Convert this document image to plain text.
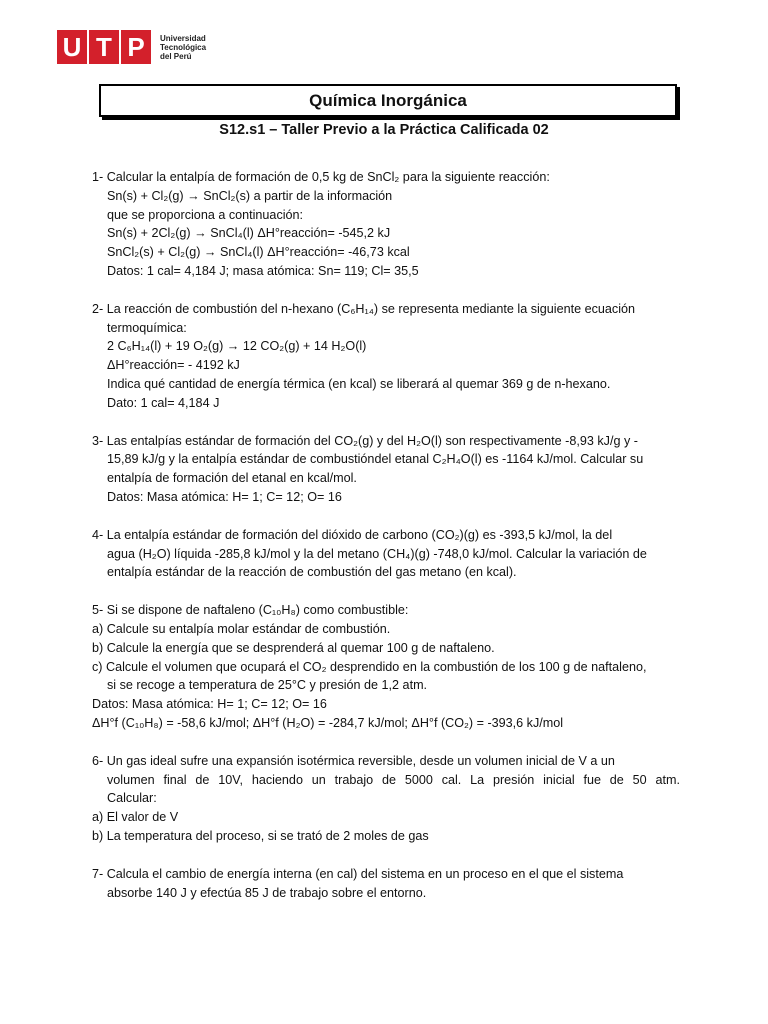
U T P	Universidad
Tecnológica
del Perú
Química Inorgánica
S12.s1 – Taller Previo a la Práctica Calificada 02
1- Calcular la entalpía de formación de 0,5 kg de SnCl₂ para la siguiente reacción:
Sn(s) + Cl₂(g) → SnCl₂(s) a partir de la información
que se proporciona a continuación:
Sn(s) + 2Cl₂(g) → SnCl₄(l) ΔH°reacción= -545,2 kJ
SnCl₂(s) + Cl₂(g) → SnCl₄(l) ΔH°reacción= -46,73 kcal
Datos: 1 cal= 4,184 J; masa atómica: Sn= 119; Cl= 35,5
2- La reacción de combustión del n-hexano (C₆H₁₄) se representa mediante la siguiente ecuación
termoquímica:
2 C₆H₁₄(l) + 19 O₂(g) → 12 CO₂(g) + 14 H₂O(l)
ΔH°reacción= - 4192 kJ
Indica qué cantidad de energía térmica (en kcal) se liberará al quemar 369 g de n-hexano.
Dato: 1 cal= 4,184 J
3- Las entalpías estándar de formación del CO₂(g) y del H₂O(l) son respectivamente -8,93 kJ/g y -
15,89 kJ/g y la entalpía estándar de combustióndel etanal C₂H₄O(l) es -1164 kJ/mol. Calcular su
entalpía de formación del etanal en kcal/mol.
Datos: Masa atómica: H= 1; C= 12; O= 16
4- La entalpía estándar de formación del dióxido de carbono (CO₂)(g) es -393,5 kJ/mol, la del
agua (H₂O) líquida -285,8 kJ/mol y la del metano (CH₄)(g) -748,0 kJ/mol. Calcular la variación de
entalpía estándar de la reacción de combustión del gas metano (en kcal).
5- Si se dispone de naftaleno (C₁₀H₈) como combustible:
a) Calcule su entalpía molar estándar de combustión.
b) Calcule la energía que se desprenderá al quemar 100 g de naftaleno.
c) Calcule el volumen que ocupará el CO₂ desprendido en la combustión de los 100 g de naftaleno,
si se recoge a temperatura de 25°C y presión de 1,2 atm.
Datos: Masa atómica: H= 1; C= 12; O= 16
ΔH°f (C₁₀H₈) = -58,6 kJ/mol; ΔH°f (H₂O) = -284,7 kJ/mol; ΔH°f (CO₂) = -393,6 kJ/mol
6- Un gas ideal sufre una expansión isotérmica reversible, desde un volumen inicial de V a un
volumen final de 10V, haciendo un trabajo de 5000 cal. La presión inicial fue de 50 atm.
Calcular:
a) El valor de V
b) La temperatura del proceso, si se trató de 2 moles de gas
7- Calcula el cambio de energía interna (en cal) del sistema en un proceso en el que el sistema
absorbe 140 J y efectúa 85 J de trabajo sobre el entorno.
